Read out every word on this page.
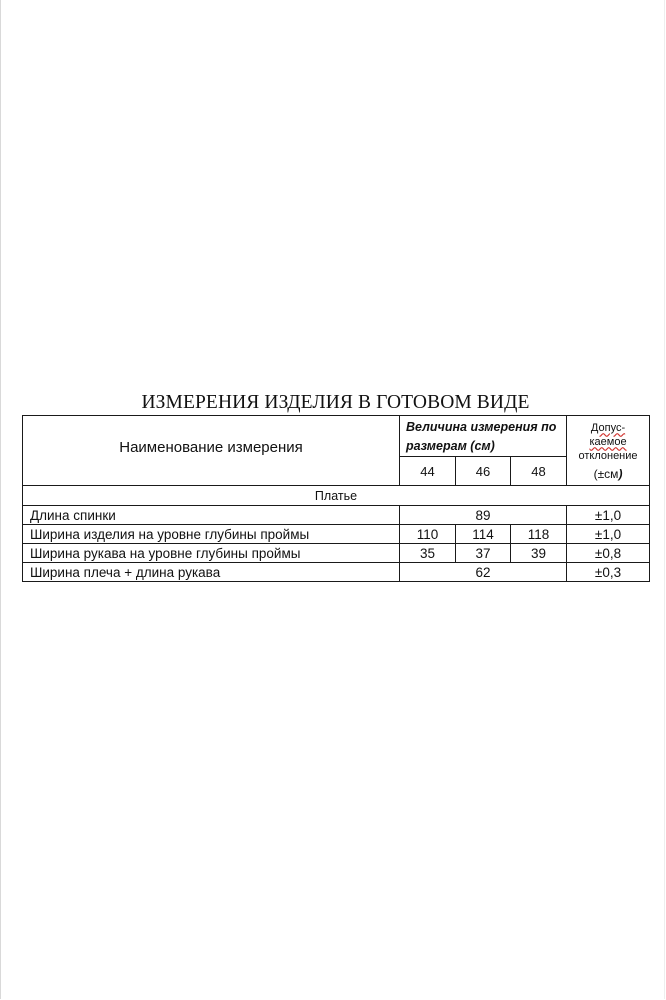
ИЗМЕРЕНИЯ ИЗДЕЛИЯ В ГОТОВОМ ВИДЕ
Наименование измерения	Величина измерения по размерам (см)			Допус-
каемое
отклонение
(±см)

	44	46	48	
Платье				
Длина спинки	89			±1,0
Ширина изделия на уровне глубины проймы	110	114	118	±1,0
Ширина рукава на уровне глубины проймы	35	37	39	±0,8
Ширина плеча + длина рукава	62			±0,3
